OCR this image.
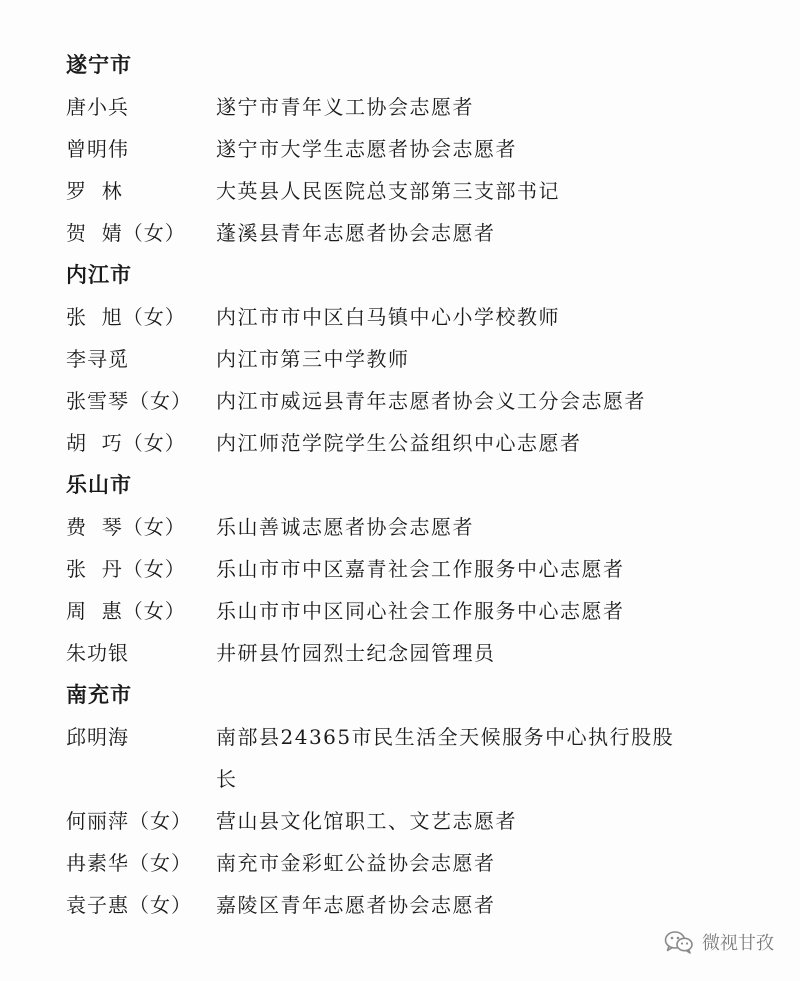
遂宁市
唐小兵	遂宁市青年义工协会志愿者
曾明伟	遂宁市大学生志愿者协会志愿者
罗  林	大英县人民医院总支部第三支部书记
贺  婧（女）	蓬溪县青年志愿者协会志愿者
内江市
张  旭（女）	内江市市中区白马镇中心小学校教师
李寻觅	内江市第三中学教师
张雪琴（女）	内江市威远县青年志愿者协会义工分会志愿者
胡  巧（女）	内江师范学院学生公益组织中心志愿者
乐山市
费  琴（女）	乐山善诚志愿者协会志愿者
张  丹（女）	乐山市市中区嘉青社会工作服务中心志愿者
周  惠（女）	乐山市市中区同心社会工作服务中心志愿者
朱功银	井研县竹园烈士纪念园管理员
南充市
邱明海	南部县24365市民生活全天候服务中心执行股股长
何丽萍（女）	营山县文化馆职工、文艺志愿者
冉素华（女）	南充市金彩虹公益协会志愿者
袁子惠（女）	嘉陵区青年志愿者协会志愿者
微视甘孜
